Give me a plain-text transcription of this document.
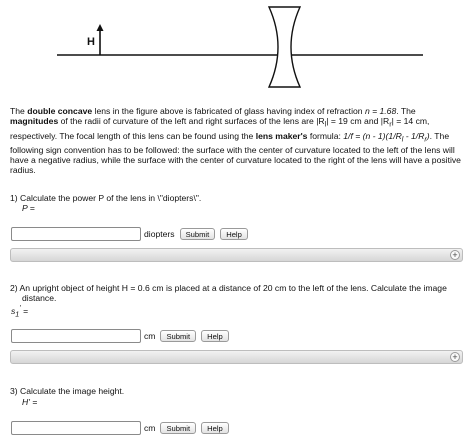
H
The double concave lens in the figure above is fabricated of glass having index of refraction n = 1.68. The magnitudes of the radii of curvature of the left and right surfaces of the lens are $|R_l| = 19$ cm and $|R_r| = 14$ cm, respectively. The focal length of this lens can be found using the lens maker's formula: $1/f = (n - 1)(1/R_l - 1/R_r)$. The following sign convention has to be followed: the surface with the center of curvature located to the left of the lens will have a negative radius, while the surface with the center of curvature located to the right of the lens will have a positive radius.
1) Calculate the power P of the lens in \"diopters\".
P =
diopters	Submit	Help
+
2) An upright object of height H = 0.6 cm is placed at a distance of 20 cm to the left of the lens. Calculate the image
distance.
$s_1'$ =
cm	Submit	Help
+
3) Calculate the image height.
H' =
cm	Submit	Help
